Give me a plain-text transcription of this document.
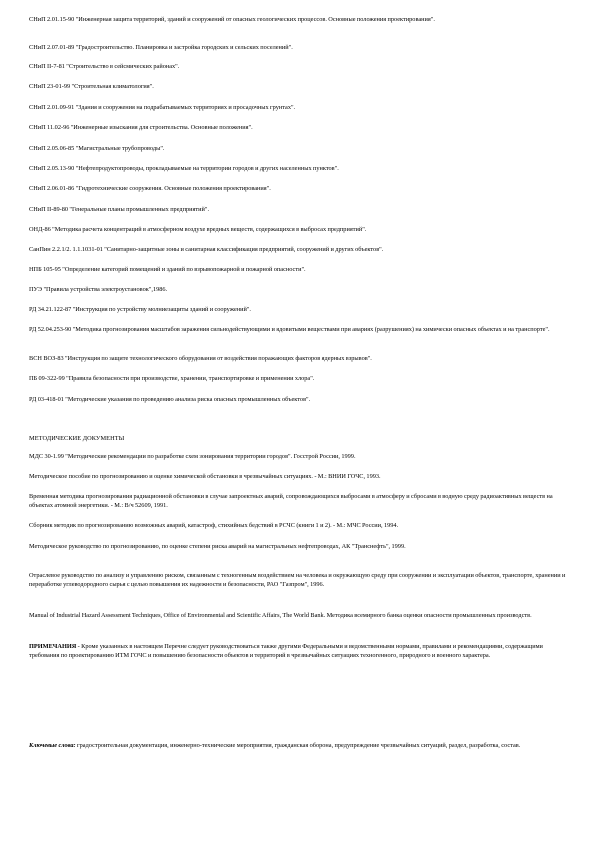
СНиП 2.01.15-90 "Инженерная защита территорий, зданий и сооружений от опасных геологических процессов. Основные положения проектирования".

СНиП 2.07.01-89 "Градостроительство. Планировка и застройка городских и сельских поселений".

СНиП II-7-81 "Строительство в сейсмических районах".

СНиП 23-01-99 "Строительная климатология".

СНиП 2.01.09-91 "Здания и сооружения на подрабатываемых территориях и просадочных грунтах".

СНиП 11.02-96 "Инженерные изыскания для строительства. Основные положения".

СНиП 2.05.06-85 "Магистральные трубопроводы".

СНиП 2.05.13-90 "Нефтепродуктопроводы, прокладываемые на территории городов и других населенных пунктов".

СНиП 2.06.01-86 "Гидротехнические сооружения. Основные положения проектирования".

СНиП II-89-80 "Генеральные планы промышленных предприятий".

ОНД-86 "Методика расчета концентраций в атмосферном воздухе вредных веществ, содержащихся в выбросах предприятий".

СанПин 2.2.1/2. 1.1.1031-01 "Санитарно-защитные зоны и санитарная классификация предприятий, сооружений и других объектов".

НПБ 105-95 "Определение категорий помещений и зданий по взрывопожарной и пожарной опасности".

ПУЭ "Правила устройства электроустановок",1986.

РД 34.21.122-87 "Инструкция по устройству молниезащиты зданий и сооружений".

РД 52.04.253-90 "Методика прогнозирования масштабов заражения сильнодействующими и ядовитыми веществами при авариях (разрушениях) на химически опасных объектах и на транспорте".

ВСН ВОЗ-83 "Инструкция по защите технологического оборудования от воздействия поражающих факторов ядерных взрывов".

ПБ 09-322-99 "Правила безопасности при производстве, хранении, транспортировке и применении хлора".

РД 03-418-01 "Методические указания по проведению анализа риска опасных промышленных объектов".

МЕТОДИЧЕСКИЕ ДОКУМЕНТЫ

МДС 30-1.99 "Методические рекомендации по разработке схем зонирования территории городов". Госстрой России, 1999.

Методическое пособие по прогнозированию и оценке химической обстановки в чрезвычайных ситуациях. - М.: ВНИИ ГОЧС, 1993.

Временная методика прогнозирования радиационной обстановки в случае запроектных аварий, сопровождающихся выбросами в атмосферу и сбросами в водную среду радиоактивных веществ на объектах атомной энергетики. - М.: В/ч 52609, 1991.

Сборник методик по прогнозированию возможных аварий, катастроф, стихийных бедствий в РСЧС (книги 1 и 2). - М.: МЧС России, 1994.

Методическое руководство по прогнозированию, по оценке степени риска аварий на магистральных нефтепроводах, АК "Транснефть", 1999.

Отраслевое руководство по анализу и управлению риском, связанным с техногенным воздействием на человека и окружающую среду при сооружении и эксплуатации объектов, транспорте, хранении и переработке углеводородного сырья с целью повышения их надежности и безопасности, РАО "Газпром", 1996.

Manual of Industrial Hazard Assessment Techniques, Office of Environmental and Scientific Affairs, The World Bank. Методика всемирного банка оценки опасности промышленных производств.

ПРИМЕЧАНИЯ - Кроме указанных в настоящем Перечне следует руководствоваться также другими Федеральными и ведомственными нормами, правилами и рекомендациями, содержащими требования по проектированию ИТМ ГОЧС и повышению безопасности объектов и территорий в чрезвычайных ситуациях техногенного, природного и военного характера.

Ключевые слова: градостроительная документация, инженерно-технические мероприятия, гражданская оборона, предупреждение чрезвычайных ситуаций, раздел, разработка, состав.
